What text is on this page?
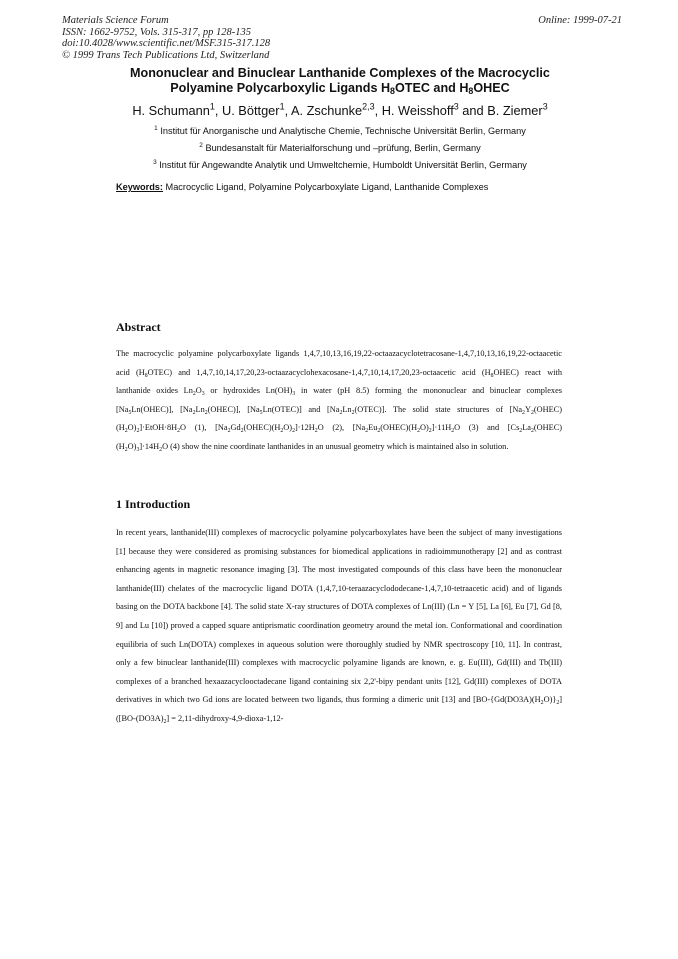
Materials Science Forum
ISSN: 1662-9752, Vols. 315-317, pp 128-135
doi:10.4028/www.scientific.net/MSF.315-317.128
© 1999 Trans Tech Publications Ltd, Switzerland
Online: 1999-07-21
Mononuclear and Binuclear Lanthanide Complexes of the Macrocyclic
Polyamine Polycarboxylic Ligands $H_8OTEC$ and $H_8OHEC$
H. Schumann$^1$, U. Böttger$^1$, A. Zschunke$^{2,3}$, H. Weisshoff$^3$ and B. Ziemer$^3$
$^1$ Institut für Anorganische und Analytische Chemie, Technische Universität Berlin, Germany
$^2$ Bundesanstalt für Materialforschung und –prüfung, Berlin, Germany
$^3$ Institut für Angewandte Analytik und Umweltchemie, Humboldt Universität Berlin, Germany
Keywords: Macrocyclic Ligand, Polyamine Polycarboxylate Ligand, Lanthanide Complexes
Abstract

The macrocyclic polyamine polycarboxylate ligands 1,4,7,10,13,16,19,22-octaazacyclotetracosane-1,4,7,10,13,16,19,22-octaacetic acid $(H_8OTEC)$ and 1,4,7,10,14,17,20,23-octaazacyclohexacosane-1,4,7,10,14,17,20,23-octaacetic acid $(H_8OHEC)$ react with lanthanide oxides $Ln_2O_3$ or hydroxides $Ln(OH)_3$ in water (pH 8.5) forming the mononuclear and binuclear complexes $[Na_5Ln(OHEC)]$, $[Na_2Ln_2(OHEC)]$, $[Na_5Ln(OTEC)]$ and $[Na_2Ln_2(OTEC)]$. The solid state structures of $[Na_2Y_2(OHEC)(H_2O)_2]\cdot EtOH\cdot 8H_2O$ (1), $[Na_2Gd_2(OHEC)(H_2O)_2]\cdot 12H_2O$ (2), $[Na_2Eu_2(OHEC)(H_2O)_2]\cdot 11H_2O$ (3) and $[Cs_2La_2(OHEC)(H_2O)_3]\cdot 14H_2O$ (4) show the nine coordinate lanthanides in an unusual geometry which is maintained also in solution.

1 Introduction

In recent years, lanthanide(III) complexes of macrocyclic polyamine polycarboxylates have been the subject of many investigations [1] because they were considered as promising substances for biomedical applications in radioimmunotherapy [2] and as contrast enhancing agents in magnetic resonance imaging [3]. The most investigated compounds of this class have been the mononuclear lanthanide(III) chelates of the macrocyclic ligand DOTA (1,4,7,10-teraazacyclododecane-1,4,7,10-tetraacetic acid) and of ligands basing on the DOTA backbone [4]. The solid state X-ray structures of DOTA complexes of Ln(III) (Ln = Y [5], La [6], Eu [7], Gd [8, 9] and Lu [10]) proved a capped square antiprismatic coordination geometry around the metal ion. Conformational and coordination equilibria of such Ln(DOTA) complexes in aqueous solution were thoroughly studied by NMR spectroscopy [10, 11]. In contrast, only a few binuclear lanthanide(III) complexes with macrocyclic polyamine ligands are known, e. g. Eu(III), Gd(III) and Tb(III) complexes of a branched hexaazacyclooctadecane ligand containing six 2,2'-bipy pendant units [12], Gd(III) complexes of DOTA derivatives in which two Gd ions are located between two ligands, thus forming a dimeric unit [13] and $[BO-\{Gd(DO3A)(H_2O)\}_2] ([BO-(DO3A)_2]$ = 2,11-dihydroxy-4,9-dioxa-1,12-
